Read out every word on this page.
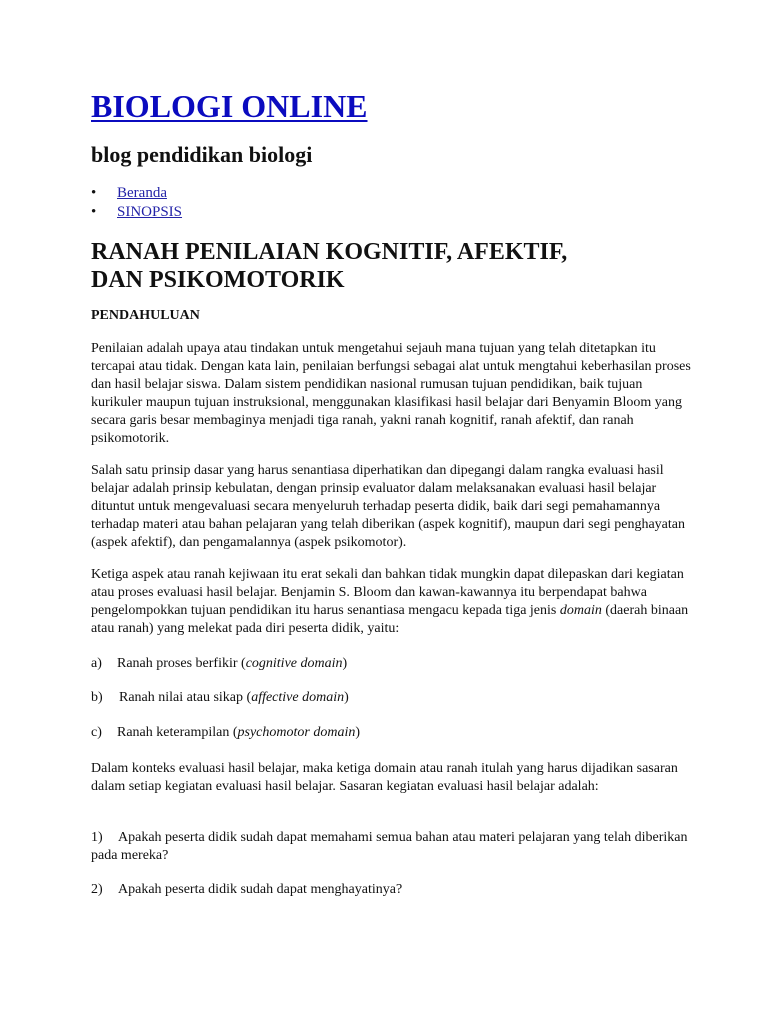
BIOLOGI ONLINE
blog pendidikan biologi
• Beranda
• SINOPSIS
RANAH PENILAIAN KOGNITIF, AFEKTIF, DAN PSIKOMOTORIK

PENDAHULUAN

Penilaian adalah upaya atau tindakan untuk mengetahui sejauh mana tujuan yang telah ditetapkan itu tercapai atau tidak. Dengan kata lain, penilaian berfungsi sebagai alat untuk mengtahui keberhasilan proses dan hasil belajar siswa. Dalam sistem pendidikan nasional rumusan tujuan pendidikan, baik tujuan kurikuler maupun tujuan instruksional, menggunakan klasifikasi hasil belajar dari Benyamin Bloom yang secara garis besar membaginya menjadi tiga ranah, yakni ranah kognitif, ranah afektif, dan ranah psikomotorik.

Salah satu prinsip dasar yang harus senantiasa diperhatikan dan dipegangi dalam rangka evaluasi hasil belajar adalah prinsip kebulatan, dengan prinsip evaluator dalam melaksanakan evaluasi hasil belajar dituntut untuk mengevaluasi secara menyeluruh terhadap peserta didik, baik dari segi pemahamannya terhadap materi atau bahan pelajaran yang telah diberikan (aspek kognitif), maupun dari segi penghayatan (aspek afektif), dan pengamalannya (aspek psikomotor).

Ketiga aspek atau ranah kejiwaan itu erat sekali dan bahkan tidak mungkin dapat dilepaskan dari kegiatan atau proses evaluasi hasil belajar. Benjamin S. Bloom dan kawan-kawannya itu berpendapat bahwa pengelompokkan tujuan pendidikan itu harus senantiasa mengacu kepada tiga jenis domain (daerah binaan atau ranah) yang melekat pada diri peserta didik, yaitu:

a) Ranah proses berfikir (cognitive domain)

b) Ranah nilai atau sikap (affective domain)

c) Ranah keterampilan (psychomotor domain)

Dalam konteks evaluasi hasil belajar, maka ketiga domain atau ranah itulah yang harus dijadikan sasaran dalam setiap kegiatan evaluasi hasil belajar. Sasaran kegiatan evaluasi hasil belajar adalah:

1) Apakah peserta didik sudah dapat memahami semua bahan atau materi pelajaran yang telah diberikan pada mereka?

2) Apakah peserta didik sudah dapat menghayatinya?
